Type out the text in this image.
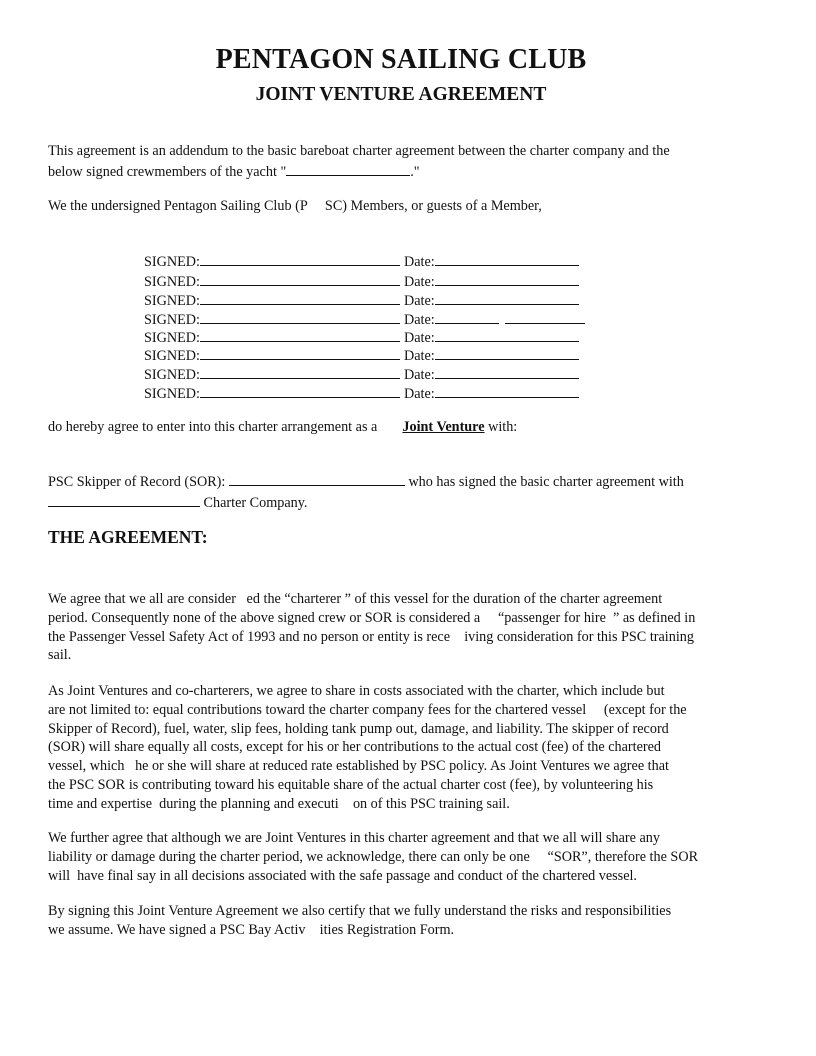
PENTAGON SAILING CLUB
JOINT VENTURE AGREEMENT
This agreement is an addendum to the basic bareboat charter agreement between the charter company and the
below signed crewmembers of the yacht "	."
We the undersigned Pentagon Sailing Club (P     SC) Members, or guests of a Member,
SIGNED:	Date:
SIGNED:	Date:
SIGNED:	Date:
SIGNED:	Date:
SIGNED:	Date:
SIGNED:	Date:
SIGNED:	Date:
SIGNED:	Date:
do hereby agree to enter into this charter arrangement as a Joint Venture with:
PSC Skipper of Record (SOR):	who has signed the basic charter agreement with
Charter Company.
THE AGREEMENT:
We agree that we all are consider   ed the “charterer ” of this vessel for the duration of the charter agreement
period. Consequently none of the above signed crew or SOR is considered a     “passenger for hire  ” as defined in
the Passenger Vessel Safety Act of 1993 and no person or entity is rece    iving consideration for this PSC training
sail.
As Joint Ventures and co-charterers, we agree to share in costs associated with the charter, which include but
are not limited to: equal contributions toward the charter company fees for the chartered vessel     (except for the
Skipper of Record), fuel, water, slip fees, holding tank pump out, damage, and liability. The skipper of record
(SOR) will share equally all costs, except for his or her contributions to the actual cost (fee) of the chartered
vessel, which   he or she will share at reduced rate established by PSC policy. As Joint Ventures we agree that
the PSC SOR is contributing toward his equitable share of the actual charter cost (fee), by volunteering his
time and expertise  during the planning and executi    on of this PSC training sail.
We further agree that although we are Joint Ventures in this charter agreement and that we all will share any
liability or damage during the charter period, we acknowledge, there can only be one     “SOR”, therefore the SOR
will  have final say in all decisions associated with the safe passage and conduct of the chartered vessel.
By signing this Joint Venture Agreement we also certify that we fully understand the risks and responsibilities
we assume. We have signed a PSC Bay Activ    ities Registration Form.
